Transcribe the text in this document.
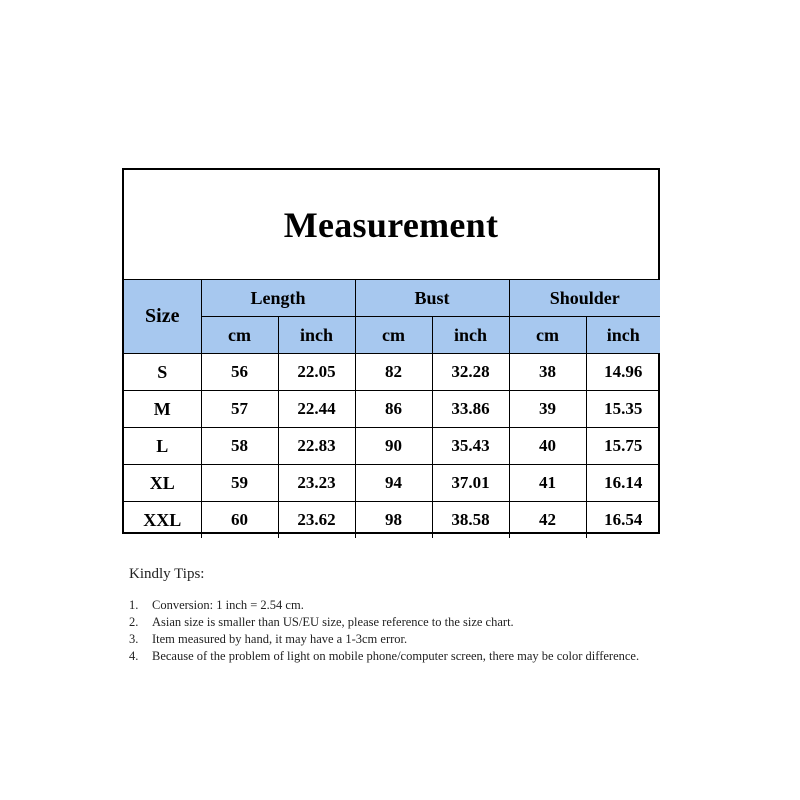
Measurement
Size	Length		Bust		Shoulder	
	cm	inch	cm	inch	cm	inch
S	56	22.05	82	32.28	38	14.96
M	57	22.44	86	33.86	39	15.35
L	58	22.83	90	35.43	40	15.75
XL	59	23.23	94	37.01	41	16.14
XXL	60	23.62	98	38.58	42	16.54
Kindly Tips:
1. Conversion: 1 inch = 2.54 cm.
2. Asian size is smaller than US/EU size, please reference to the size chart.
3. Item measured by hand, it may have a 1-3cm error.
4. Because of the problem of light on mobile phone/computer screen, there may be color difference.
